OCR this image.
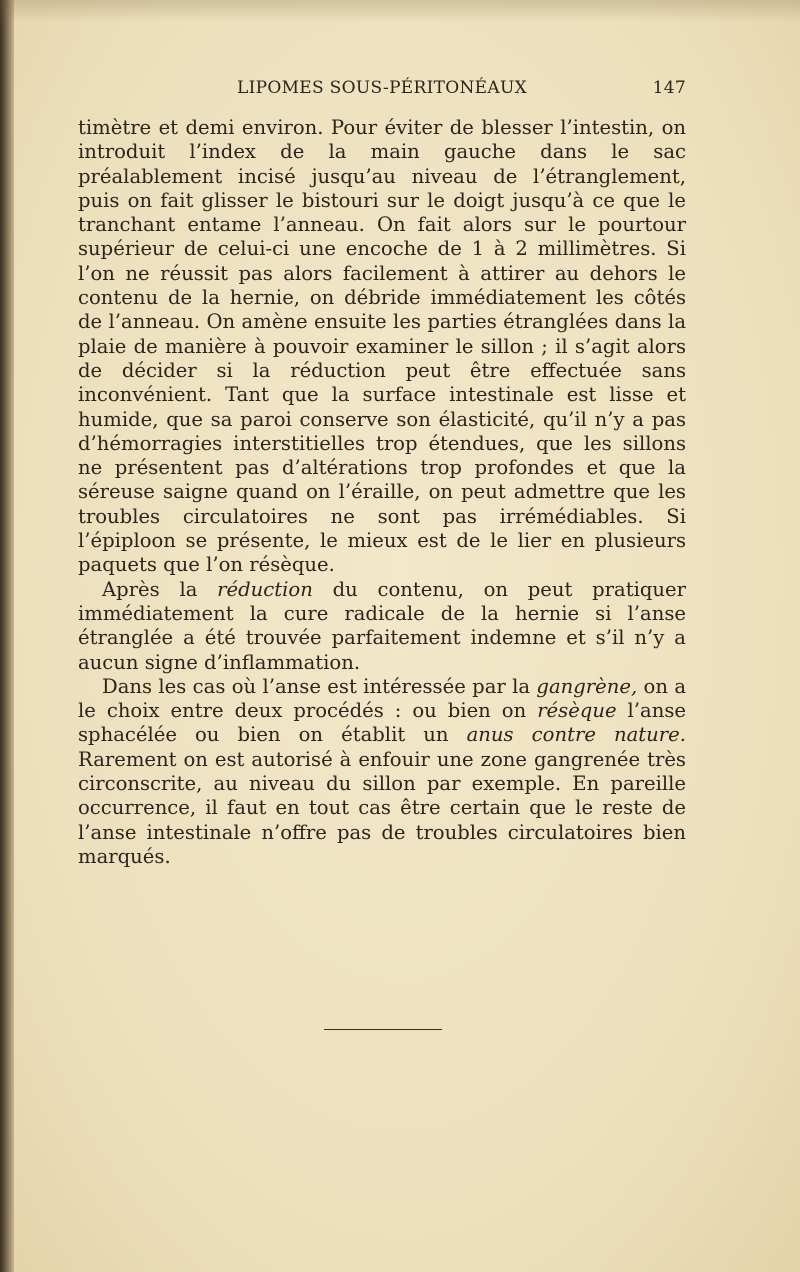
LIPOMES SOUS-PÉRITONÉAUX	147

timètre et demi environ. Pour éviter de blesser l’intestin, on introduit l’index de la main gauche dans le sac préalablement incisé jusqu’au niveau de l’étranglement, puis on fait glisser le bistouri sur le doigt jusqu’à ce que le tranchant entame l’anneau. On fait alors sur le pourtour supérieur de celui-ci une encoche de 1 à 2 millimètres. Si l’on ne réussit pas alors facilement à attirer au dehors le contenu de la hernie, on débride immédiatement les côtés de l’anneau. On amène ensuite les parties étranglées dans la plaie de manière à pouvoir examiner le sillon ; il s’agit alors de décider si la réduction peut être effectuée sans inconvénient. Tant que la surface intestinale est lisse et humide, que sa paroi conserve son élasticité, qu’il n’y a pas d’hémorragies interstitielles trop étendues, que les sillons ne présentent pas d’altérations trop profondes et que la séreuse saigne quand on l’éraille, on peut admettre que les troubles circulatoires ne sont pas irrémédiables. Si l’épiploon se présente, le mieux est de le lier en plusieurs paquets que l’on résèque.

Après la réduction du contenu, on peut pratiquer immédiatement la cure radicale de la hernie si l’anse étranglée a été trouvée parfaitement indemne et s’il n’y a aucun signe d’inflammation.

Dans les cas où l’anse est intéressée par la gangrène, on a le choix entre deux procédés : ou bien on résèque l’anse sphacélée ou bien on établit un anus contre nature. Rarement on est autorisé à enfouir une zone gangrenée très circonscrite, au niveau du sillon par exemple. En pareille occurrence, il faut en tout cas être certain que le reste de l’anse intestinale n’offre pas de troubles circulatoires bien marqués.
